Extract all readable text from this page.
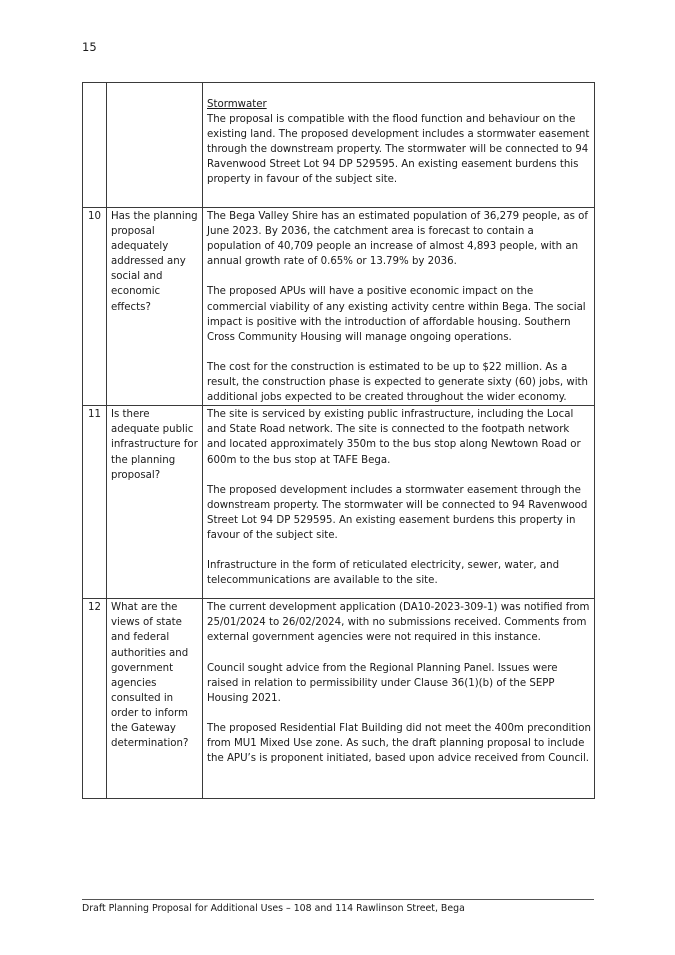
15

		Stormwater
The proposal is compatible with the flood function and behaviour on the existing land. The proposed development includes a stormwater easement through the downstream property. The stormwater will be connected to 94 Ravenwood Street Lot 94 DP 529595. An existing easement burdens this property in favour of the subject site.

10	Has the planning proposal adequately addressed any social and economic effects?	The Bega Valley Shire has an estimated population of 36,279 people, as of June 2023. By 2036, the catchment area is forecast to contain a population of 40,709 people an increase of almost 4,893 people, with an annual growth rate of 0.65% or 13.79% by 2036.
The proposed APUs will have a positive economic impact on the commercial viability of any existing activity centre within Bega. The social impact is positive with the introduction of affordable housing. Southern Cross Community Housing will manage ongoing operations.
The cost for the construction is estimated to be up to $22 million. As a result, the construction phase is expected to generate sixty (60) jobs, with additional jobs expected to be created throughout the wider economy.

11	Is there adequate public infrastructure for the planning proposal?	The site is serviced by existing public infrastructure, including the Local and State Road network. The site is connected to the footpath network and located approximately 350m to the bus stop along Newtown Road or 600m to the bus stop at TAFE Bega.
The proposed development includes a stormwater easement through the downstream property. The stormwater will be connected to 94 Ravenwood Street Lot 94 DP 529595. An existing easement burdens this property in favour of the subject site.
Infrastructure in the form of reticulated electricity, sewer, water, and telecommunications are available to the site.

12	What are the views of state and federal authorities and government agencies consulted in order to inform the Gateway determination?	The current development application (DA10-2023-309-1) was notified from 25/01/2024 to 26/02/2024, with no submissions received. Comments from external government agencies were not required in this instance.
Council sought advice from the Regional Planning Panel. Issues were raised in relation to permissibility under Clause 36(1)(b) of the SEPP Housing 2021.
The proposed Residential Flat Building did not meet the 400m precondition from MU1 Mixed Use zone. As such, the draft planning proposal to include the APU’s is proponent initiated, based upon advice received from Council.
Draft Planning Proposal for Additional Uses – 108 and 114 Rawlinson Street, Bega
